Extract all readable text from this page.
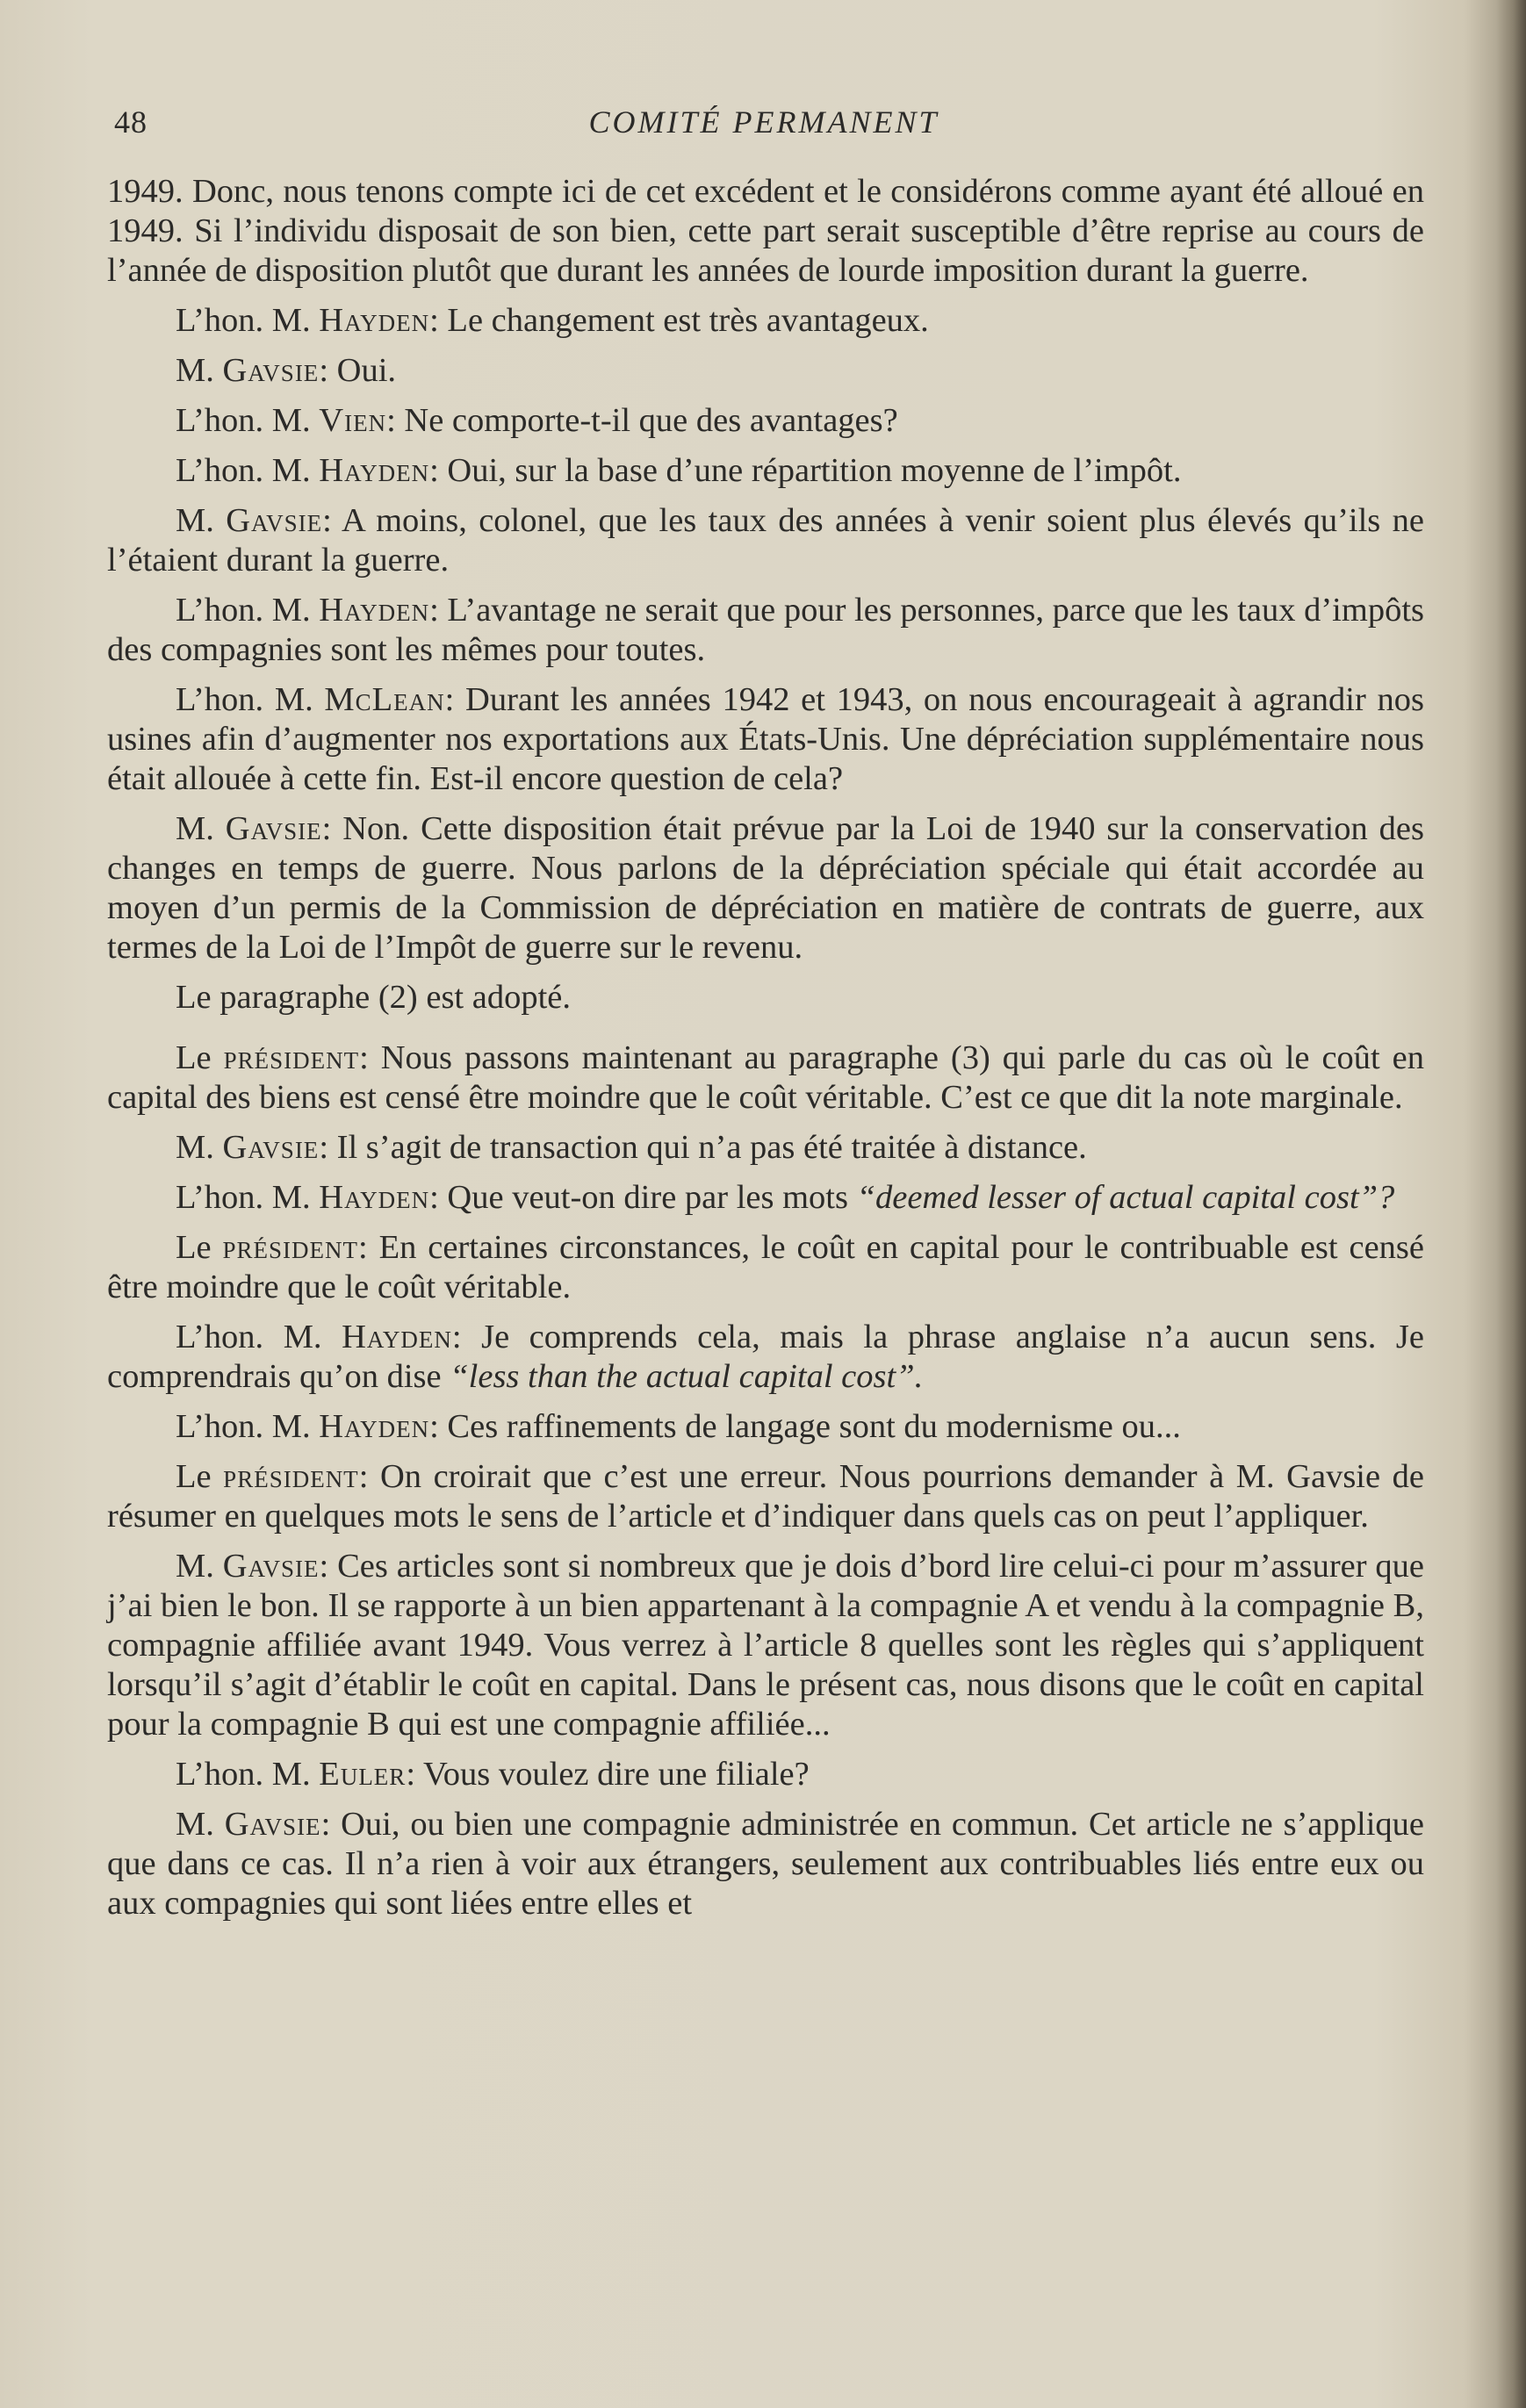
48	COMITÉ PERMANENT

1949. Donc, nous tenons compte ici de cet excédent et le considérons comme ayant été alloué en 1949. Si l’individu disposait de son bien, cette part serait susceptible d’être reprise au cours de l’année de disposition plutôt que durant les années de lourde imposition durant la guerre.

L’hon. M. Hayden: Le changement est très avantageux.

M. Gavsie: Oui.

L’hon. M. Vien: Ne comporte-t-il que des avantages?

L’hon. M. Hayden: Oui, sur la base d’une répartition moyenne de l’impôt.

M. Gavsie: A moins, colonel, que les taux des années à venir soient plus élevés qu’ils ne l’étaient durant la guerre.

L’hon. M. Hayden: L’avantage ne serait que pour les personnes, parce que les taux d’impôts des compagnies sont les mêmes pour toutes.

L’hon. M. McLean: Durant les années 1942 et 1943, on nous encourageait à agrandir nos usines afin d’augmenter nos exportations aux États-Unis. Une dépréciation supplémentaire nous était allouée à cette fin. Est-il encore question de cela?

M. Gavsie: Non. Cette disposition était prévue par la Loi de 1940 sur la conservation des changes en temps de guerre. Nous parlons de la dépréciation spéciale qui était accordée au moyen d’un permis de la Commission de dépréciation en matière de contrats de guerre, aux termes de la Loi de l’Impôt de guerre sur le revenu.

Le paragraphe (2) est adopté.

Le président: Nous passons maintenant au paragraphe (3) qui parle du cas où le coût en capital des biens est censé être moindre que le coût véritable. C’est ce que dit la note marginale.

M. Gavsie: Il s’agit de transaction qui n’a pas été traitée à distance.

L’hon. M. Hayden: Que veut-on dire par les mots “deemed lesser of actual capital cost”?

Le président: En certaines circonstances, le coût en capital pour le contribuable est censé être moindre que le coût véritable.

L’hon. M. Hayden: Je comprends cela, mais la phrase anglaise n’a aucun sens. Je comprendrais qu’on dise “less than the actual capital cost”.

L’hon. M. Hayden: Ces raffinements de langage sont du modernisme ou...

Le président: On croirait que c’est une erreur. Nous pourrions demander à M. Gavsie de résumer en quelques mots le sens de l’article et d’indiquer dans quels cas on peut l’appliquer.

M. Gavsie: Ces articles sont si nombreux que je dois d’bord lire celui-ci pour m’assurer que j’ai bien le bon. Il se rapporte à un bien appartenant à la compagnie A et vendu à la compagnie B, compagnie affiliée avant 1949. Vous verrez à l’article 8 quelles sont les règles qui s’appliquent lorsqu’il s’agit d’établir le coût en capital. Dans le présent cas, nous disons que le coût en capital pour la compagnie B qui est une compagnie affiliée...

L’hon. M. Euler: Vous voulez dire une filiale?

M. Gavsie: Oui, ou bien une compagnie administrée en commun. Cet article ne s’applique que dans ce cas. Il n’a rien à voir aux étrangers, seulement aux contribuables liés entre eux ou aux compagnies qui sont liées entre elles et
